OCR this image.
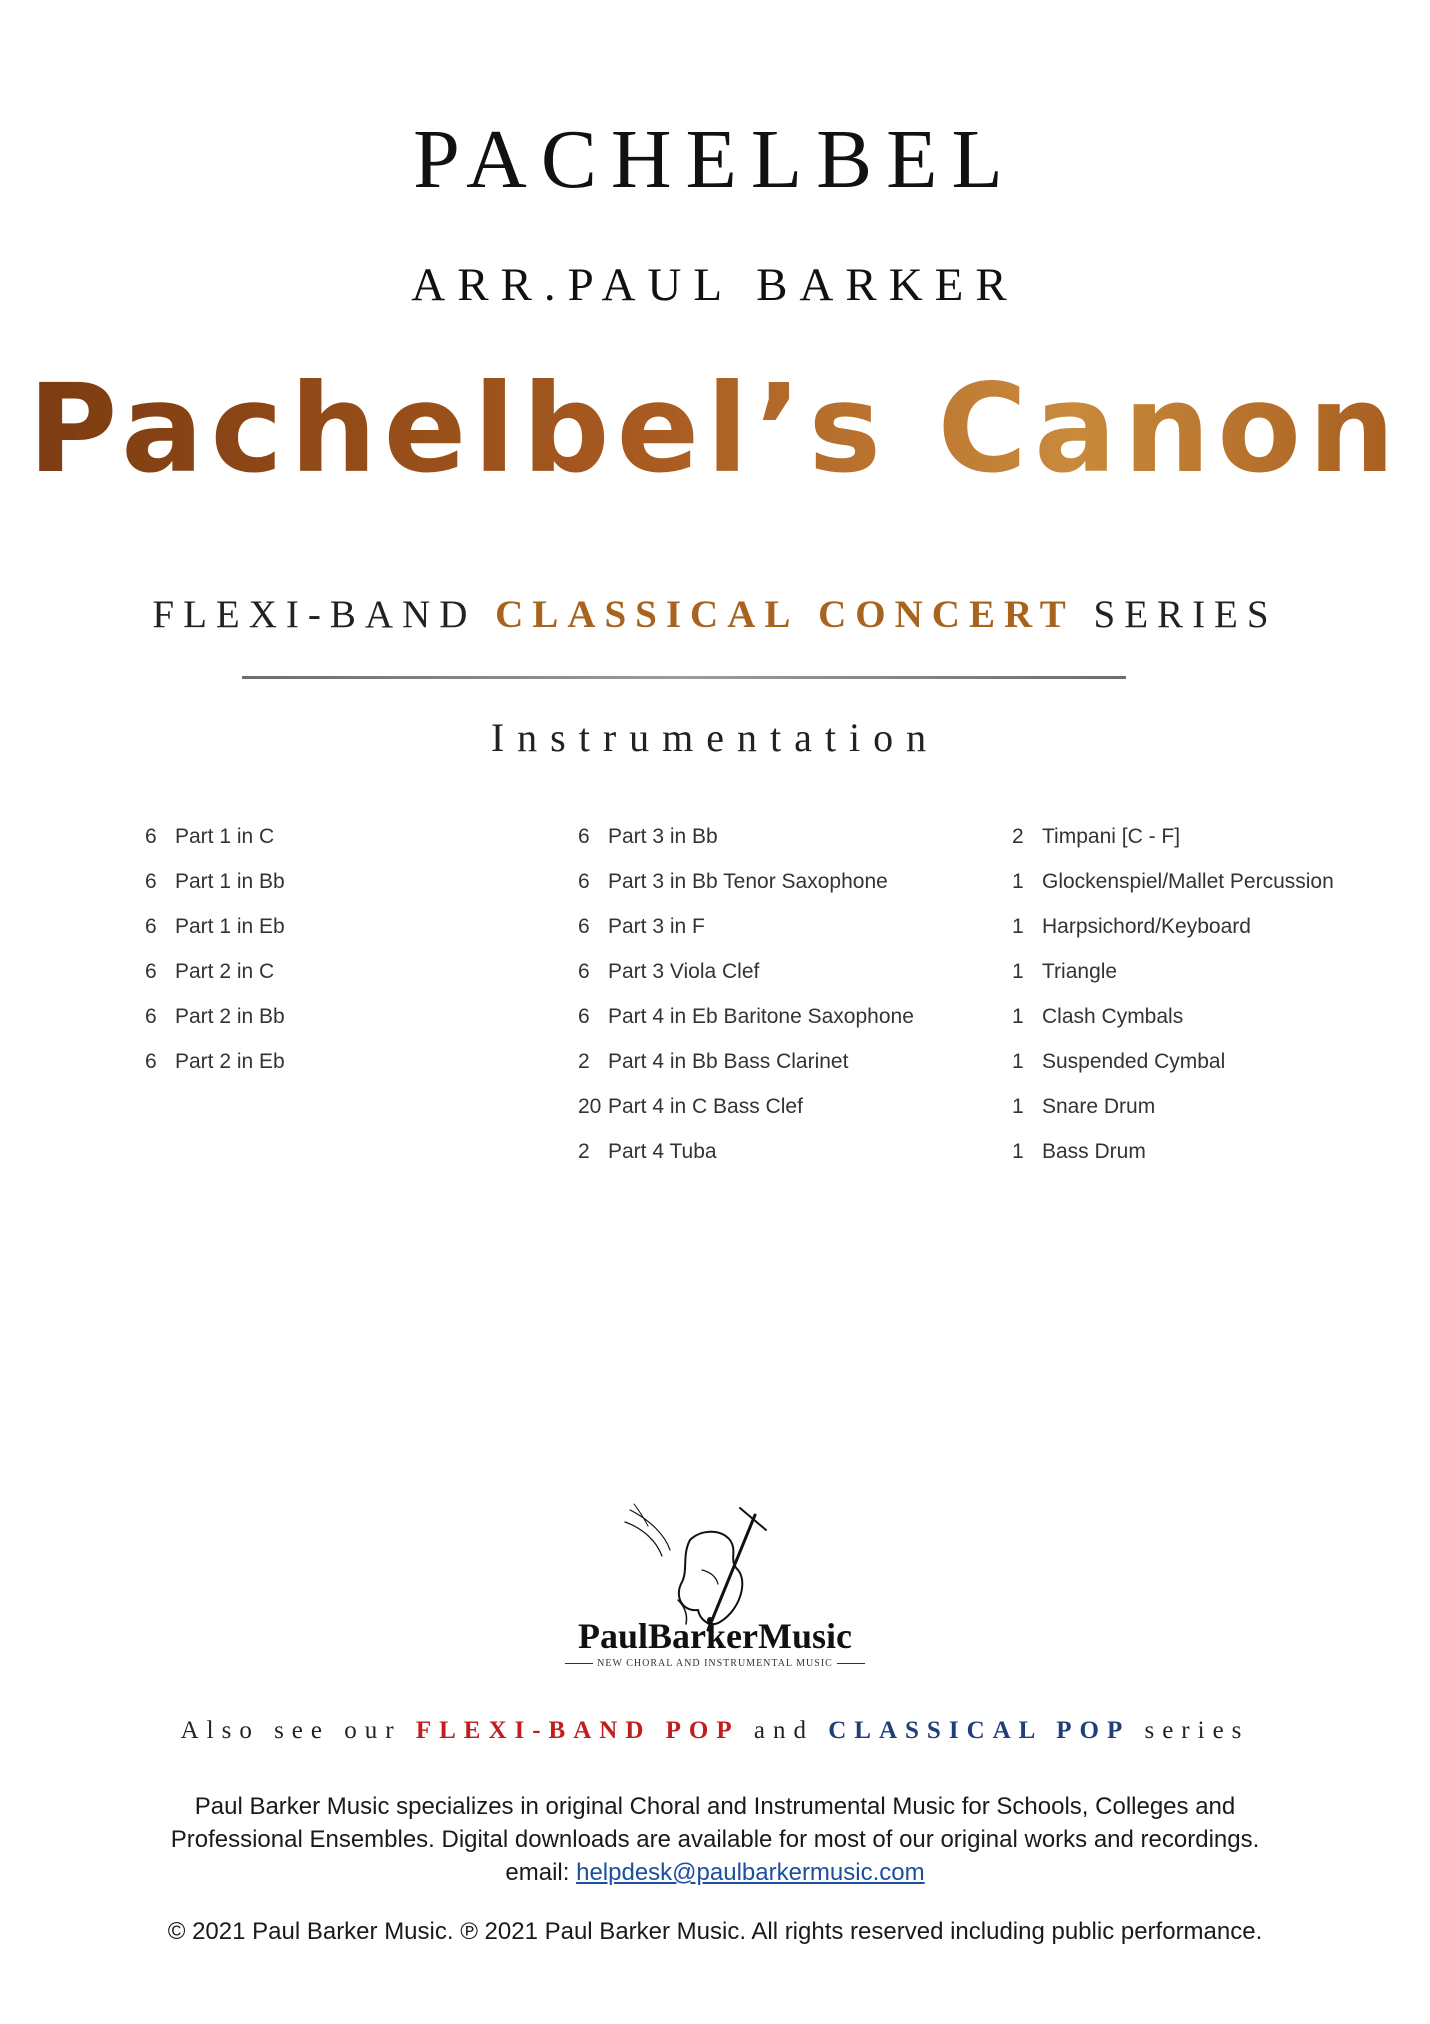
PACHELBEL
ARR.PAUL BARKER
Pachelbel’s Canon
FLEXI-BAND CLASSICAL CONCERT SERIES
Instrumentation
6 Part 1 in C
6 Part 1 in Bb
6 Part 1 in Eb
6 Part 2 in C
6 Part 2 in Bb
6 Part 2 in Eb
6 Part 3 in Bb
6 Part 3 in Bb Tenor Saxophone
6 Part 3 in F
6 Part 3 Viola Clef
6 Part 4 in Eb Baritone Saxophone
2 Part 4 in Bb Bass Clarinet
20 Part 4 in C Bass Clef
2 Part 4 Tuba
2 Timpani [C - F]
1 Glockenspiel/Mallet Percussion
1 Harpsichord/Keyboard
1 Triangle
1 Clash Cymbals
1 Suspended Cymbal
1 Snare Drum
1 Bass Drum
PaulBarkerMusic
NEW CHORAL AND INSTRUMENTAL MUSIC
Also see our FLEXI-BAND POP and CLASSICAL POP series
Paul Barker Music specializes in original Choral and Instrumental Music for Schools, Colleges and
Professional Ensembles. Digital downloads are available for most of our original works and recordings.
email: helpdesk@paulbarkermusic.com
© 2021 Paul Barker Music. ℗ 2021 Paul Barker Music. All rights reserved including public performance.
